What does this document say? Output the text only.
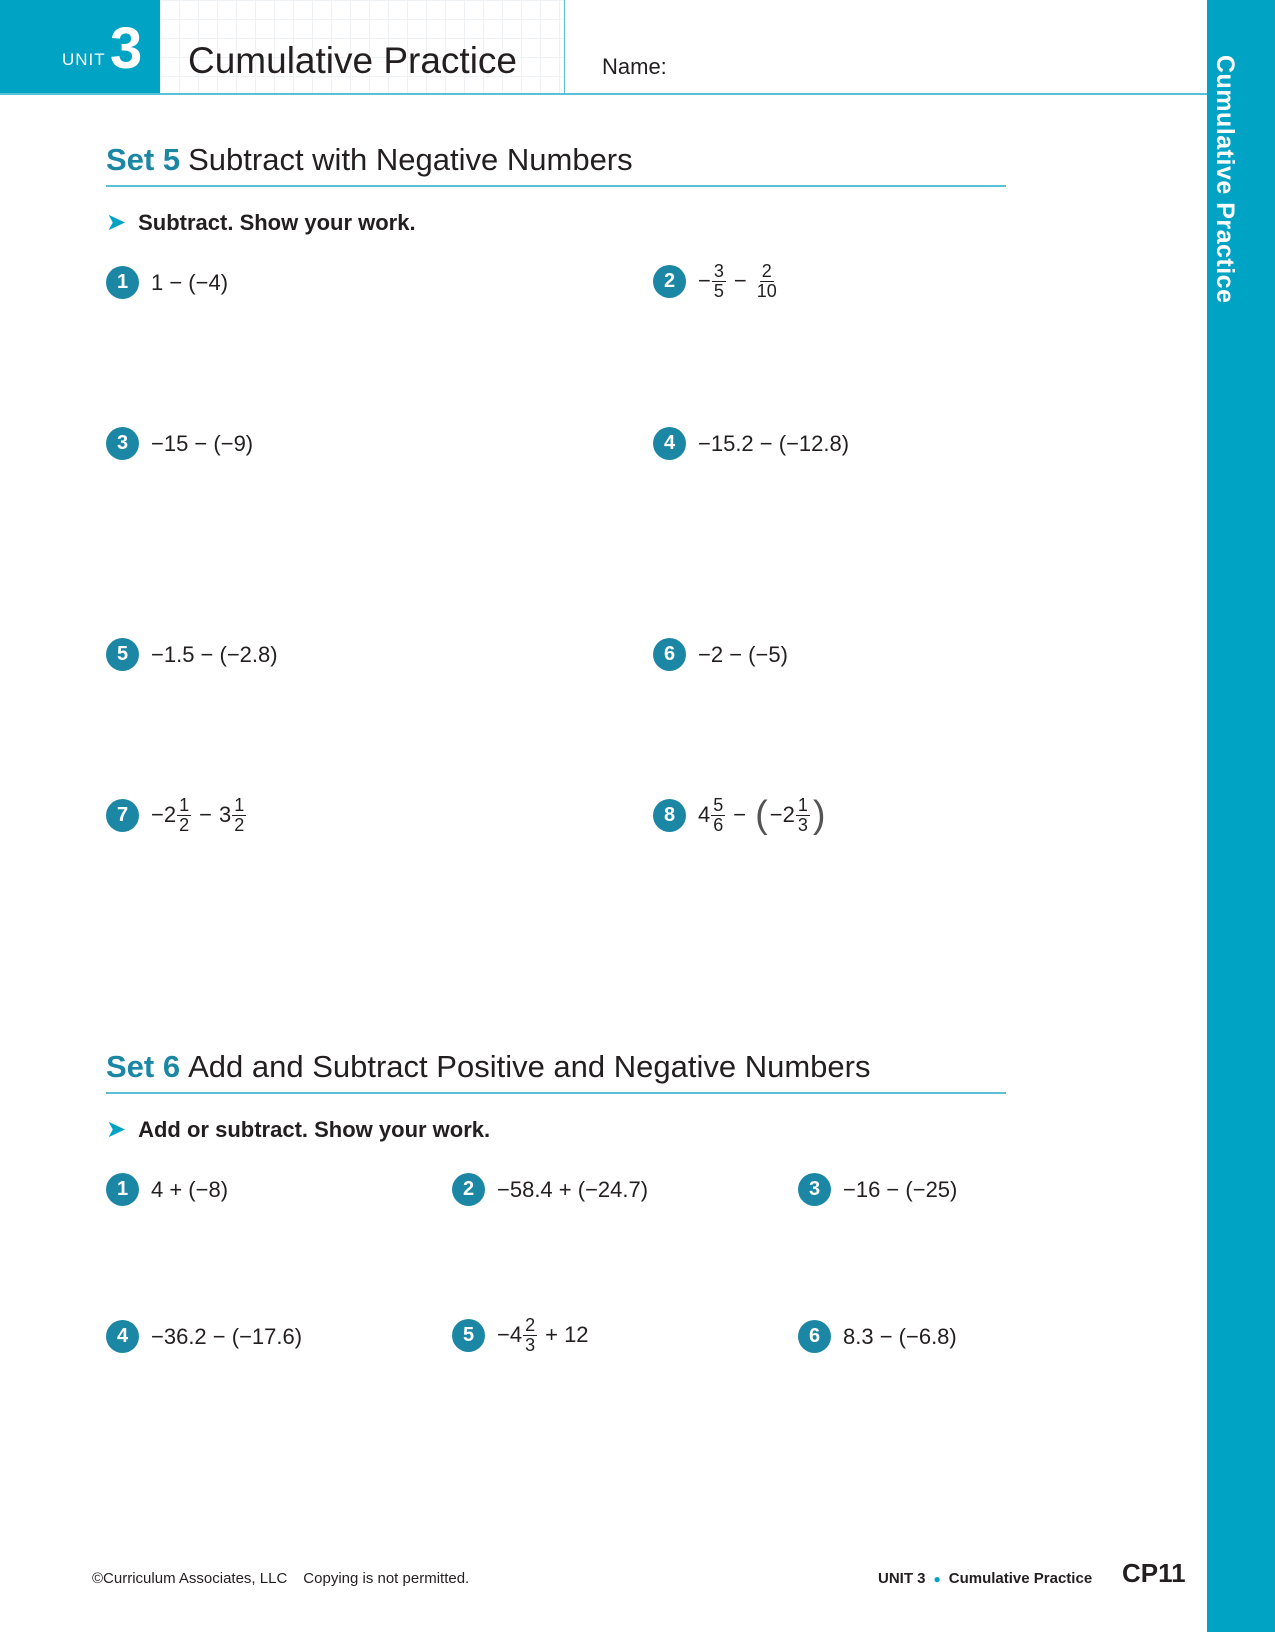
UNIT 3 Cumulative Practice	Name:	Cumulative Practice
Set 5 Subtract with Negative Numbers
➤ Subtract. Show your work.
1	1 − (−4)	2	− $\frac{3}{5} - \frac{2}{10}$
3	−15 − (−9)	4	−15.2 − (−12.8)
5	−1.5 − (−2.8)	6	−2 − (−5)
7	$-2 \frac{1}{2} - 3 \frac{1}{2}$	8	$4 \frac{5}{6}$ − ( $-2 \frac{1}{3}$ )
Set 6 Add and Subtract Positive and Negative Numbers
➤ Add or subtract. Show your work.
1	4 + (−8)	2	−58.4 + (−24.7)	3	−16 − (−25)
4	−36.2 − (−17.6)	5	$-4 \frac{2}{3} + 12$	6	8.3 − (−6.8)
©Curriculum Associates, LLC Copying is not permitted.	UNIT 3 ● Cumulative Practice CP11
